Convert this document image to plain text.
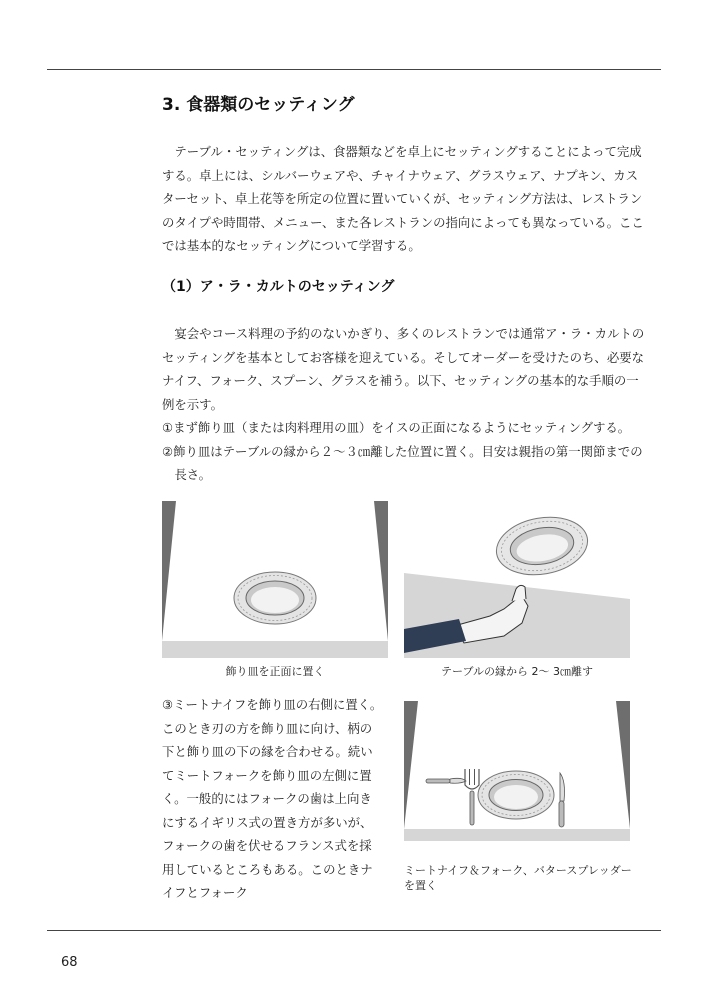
3. 食器類のセッティング

テーブル・セッティングは、食器類などを卓上にセッティングすることによって完成する。卓上には、シルバーウェアや、チャイナウェア、グラスウェア、ナプキン、カスターセット、卓上花等を所定の位置に置いていくが、セッティング方法は、レストランのタイプや時間帯、メニュー、また各レストランの指向によっても異なっている。ここでは基本的なセッティングについて学習する。

（1）ア・ラ・カルトのセッティング

宴会やコース料理の予約のないかぎり、多くのレストランでは通常ア・ラ・カルトのセッティングを基本としてお客様を迎えている。そしてオーダーを受けたのち、必要なナイフ、フォーク、スプーン、グラスを補う。以下、セッティングの基本的な手順の一例を示す。

①まず飾り皿（または肉料理用の皿）をイスの正面になるようにセッティングする。

②飾り皿はテーブルの縁から２～３㎝離した位置に置く。目安は親指の第一関節までの長さ。

飾り皿を正面に置く	テーブルの縁から 2～ 3㎝離す

③ミートナイフを飾り皿の右側に置く。このとき刃の方を飾り皿に向け、柄の下と飾り皿の下の縁を合わせる。続いてミートフォークを飾り皿の左側に置く。一般的にはフォークの歯は上向きにするイギリス式の置き方が多いが、フォークの歯を伏せるフランス式を採用しているところもある。このときナイフとフォーク

ミートナイフ＆フォーク、バタースプレッダーを置く
68
